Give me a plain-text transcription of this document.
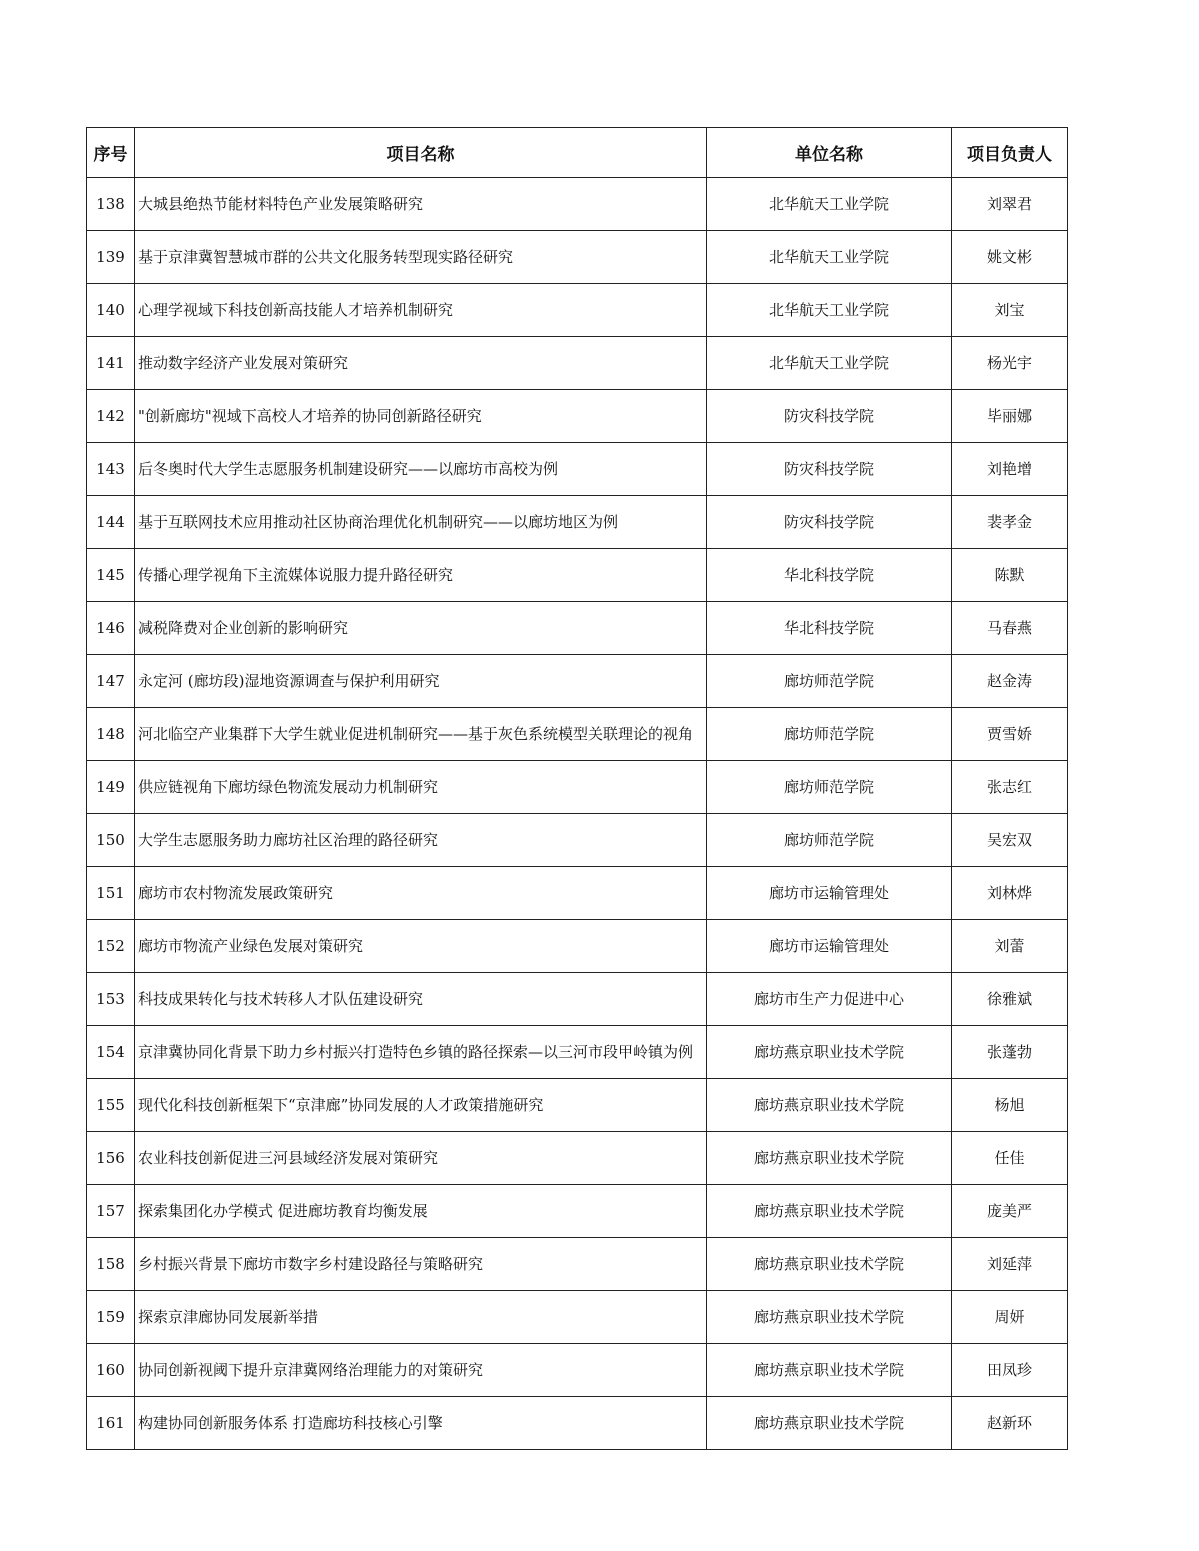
序号	项目名称	单位名称	项目负责人
138	大城县绝热节能材料特色产业发展策略研究	北华航天工业学院	刘翠君
139	基于京津冀智慧城市群的公共文化服务转型现实路径研究	北华航天工业学院	姚文彬
140	心理学视域下科技创新高技能人才培养机制研究	北华航天工业学院	刘宝
141	推动数字经济产业发展对策研究	北华航天工业学院	杨光宇
142	"创新廊坊"视域下高校人才培养的协同创新路径研究	防灾科技学院	毕丽娜
143	后冬奥时代大学生志愿服务机制建设研究——以廊坊市高校为例	防灾科技学院	刘艳增
144	基于互联网技术应用推动社区协商治理优化机制研究——以廊坊地区为例	防灾科技学院	裴孝金
145	传播心理学视角下主流媒体说服力提升路径研究	华北科技学院	陈默
146	减税降费对企业创新的影响研究	华北科技学院	马春燕
147	永定河 (廊坊段)湿地资源调查与保护利用研究	廊坊师范学院	赵金涛
148	河北临空产业集群下大学生就业促进机制研究——基于灰色系统模型关联理论的视角	廊坊师范学院	贾雪娇
149	供应链视角下廊坊绿色物流发展动力机制研究	廊坊师范学院	张志红
150	大学生志愿服务助力廊坊社区治理的路径研究	廊坊师范学院	吴宏双
151	廊坊市农村物流发展政策研究	廊坊市运输管理处	刘林烨
152	廊坊市物流产业绿色发展对策研究	廊坊市运输管理处	刘蕾
153	科技成果转化与技术转移人才队伍建设研究	廊坊市生产力促进中心	徐雅斌
154	京津冀协同化背景下助力乡村振兴打造特色乡镇的路径探索—以三河市段甲岭镇为例	廊坊燕京职业技术学院	张蓬勃
155	现代化科技创新框架下“京津廊”协同发展的人才政策措施研究	廊坊燕京职业技术学院	杨旭
156	农业科技创新促进三河县域经济发展对策研究	廊坊燕京职业技术学院	任佳
157	探索集团化办学模式 促进廊坊教育均衡发展	廊坊燕京职业技术学院	庞美严
158	乡村振兴背景下廊坊市数字乡村建设路径与策略研究	廊坊燕京职业技术学院	刘延萍
159	探索京津廊协同发展新举措	廊坊燕京职业技术学院	周妍
160	协同创新视阈下提升京津冀网络治理能力的对策研究	廊坊燕京职业技术学院	田凤珍
161	构建协同创新服务体系 打造廊坊科技核心引擎	廊坊燕京职业技术学院	赵新环
